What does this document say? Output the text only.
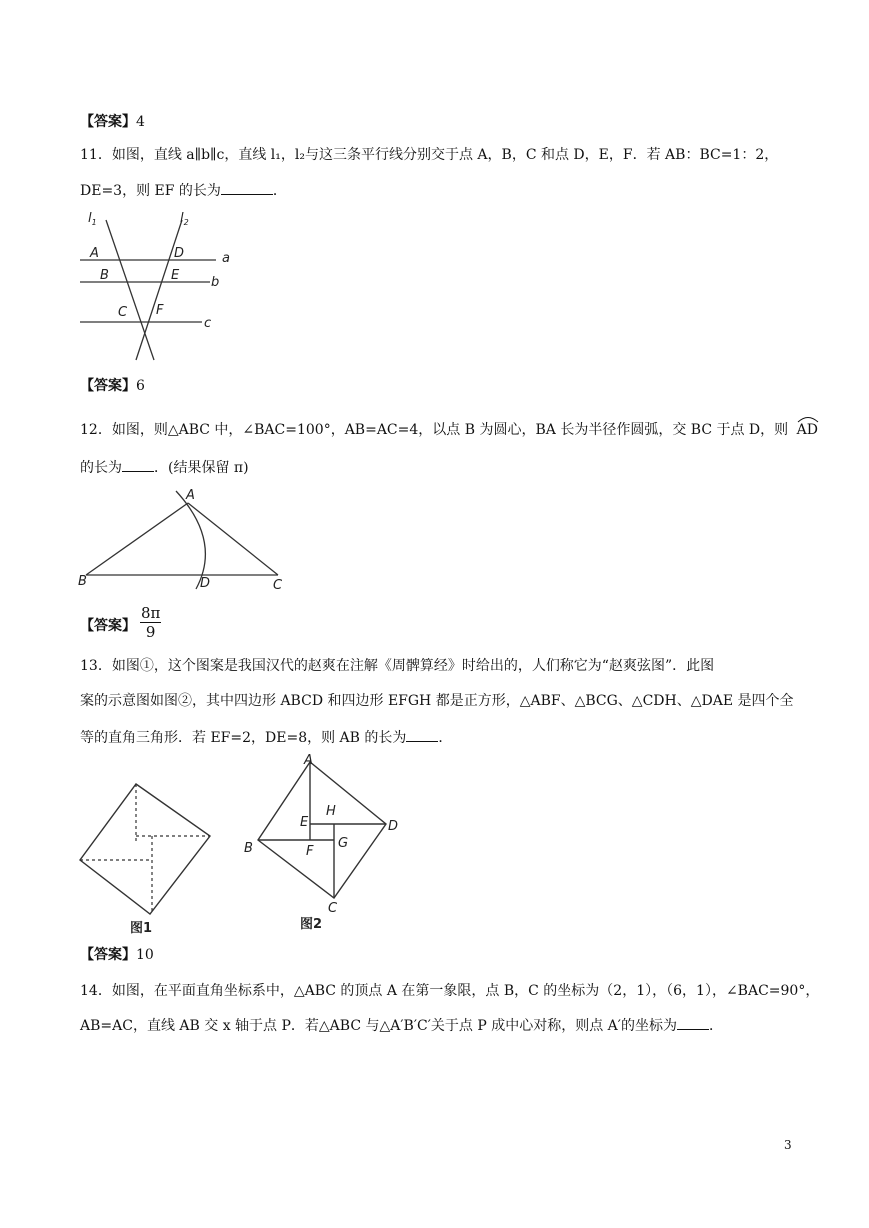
【答案】4
11．如图，直线 a∥b∥c，直线 l₁，l₂与这三条平行线分别交于点 A，B，C 和点 D，E，F．若 AB：BC=1：2，
DE=3，则 EF 的长为	．
$l_1$	$l_2$
A	D	a
B	E b
C F
c
【答案】6
12．如图，则△ABC 中，∠BAC=100°，AB=AC=4，以点 B 为圆心，BA 长为半径作圆弧，交 BC 于点 D，则 AD
的长为 ．(结果保留 π)
A
B	D	C
【答案】 $\frac{8\pi}{9}$
13．如图①，这个图案是我国汉代的赵爽在注解《周髀算经》时给出的，人们称它为“赵爽弦图”．此图
案的示意图如图②，其中四边形 ABCD 和四边形 EFGH 都是正方形，△ABF、△BCG、△CDH、△DAE 是四个全
等的直角三角形．若 EF=2，DE=8，则 AB 的长为 ．
图1
A
B
C
D
E
F
G
H
图2
【答案】10
14．如图，在平面直角坐标系中，△ABC 的顶点 A 在第一象限，点 B，C 的坐标为（2，1），（6，1），∠BAC=90°，
AB=AC，直线 AB 交 x 轴于点 P．若△ABC 与△A′B′C′关于点 P 成中心对称，则点 A′的坐标为 ．
3
